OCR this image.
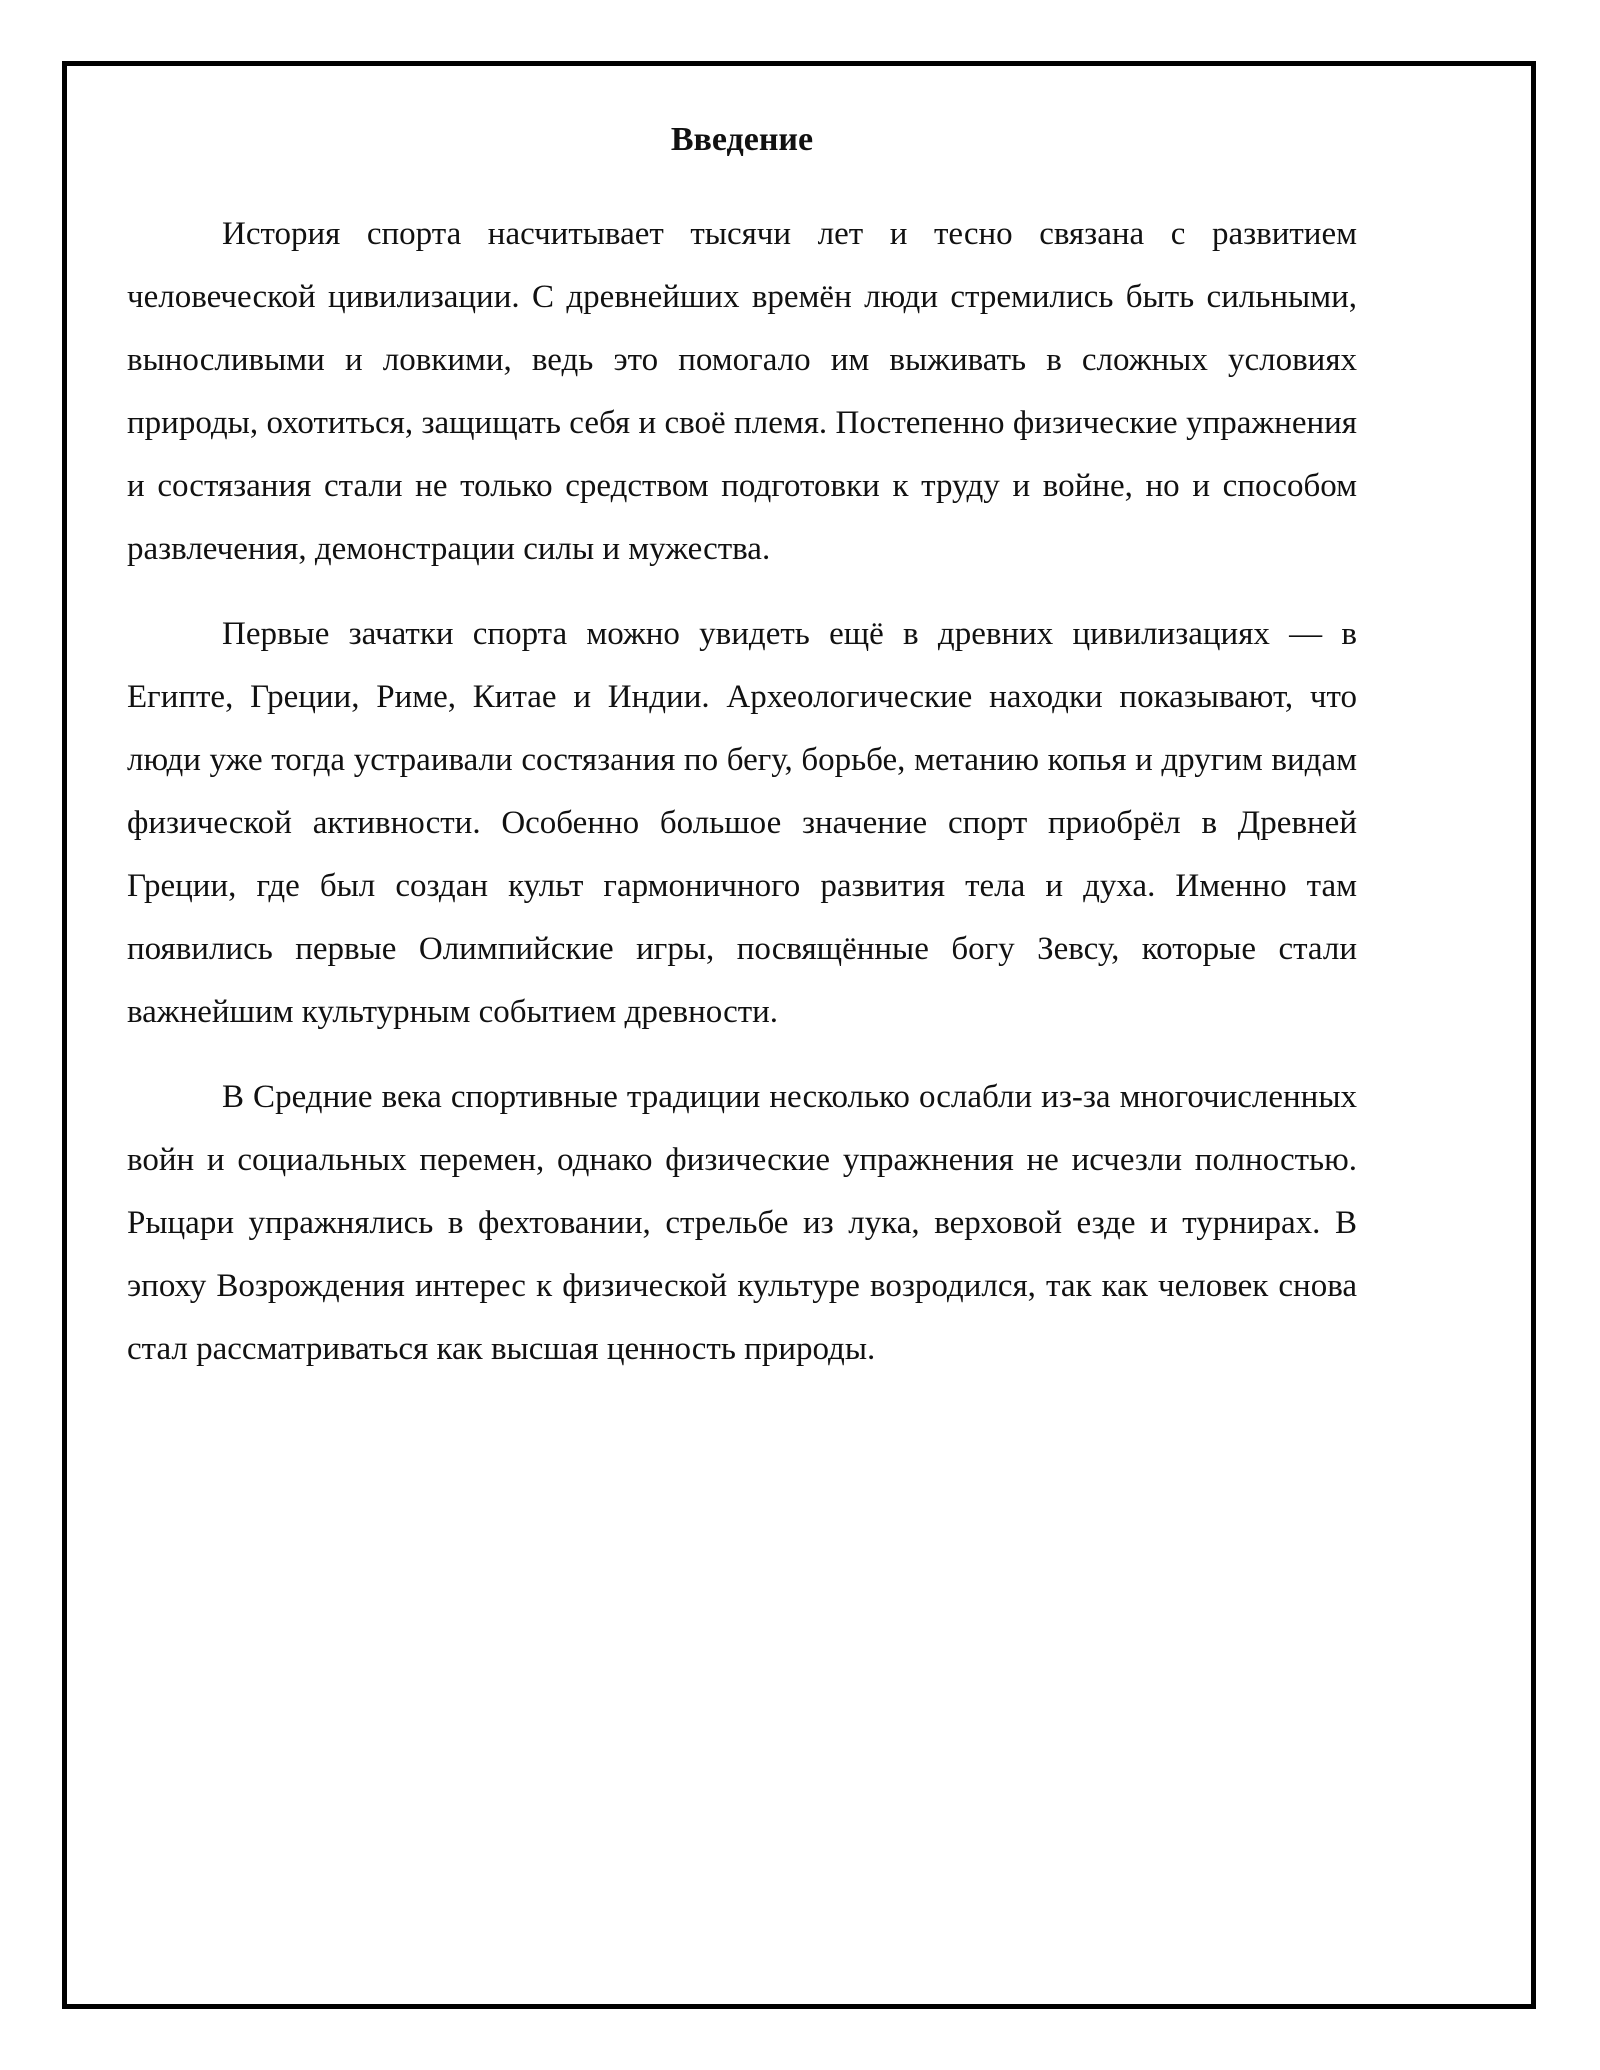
Введение

История спорта насчитывает тысячи лет и тесно связана с развитием человеческой цивилизации. С древнейших времён люди стремились быть сильными, выносливыми и ловкими, ведь это помогало им выживать в сложных условиях природы, охотиться, защищать себя и своё племя. Постепенно физические упражнения и состязания стали не только средством подготовки к труду и войне, но и способом развлечения, демонстрации силы и мужества.

Первые зачатки спорта можно увидеть ещё в древних цивилизациях — в Египте, Греции, Риме, Китае и Индии. Археологические находки показывают, что люди уже тогда устраивали состязания по бегу, борьбе, метанию копья и другим видам физической активности. Особенно большое значение спорт приобрёл в Древней Греции, где был создан культ гармоничного развития тела и духа. Именно там появились первые Олимпийские игры, посвящённые богу Зевсу, которые стали важнейшим культурным событием древности.

В Средние века спортивные традиции несколько ослабли из-за многочисленных войн и социальных перемен, однако физические упражнения не исчезли полностью. Рыцари упражнялись в фехтовании, стрельбе из лука, верховой езде и турнирах. В эпоху Возрождения интерес к физической культуре возродился, так как человек снова стал рассматриваться как высшая ценность природы.
